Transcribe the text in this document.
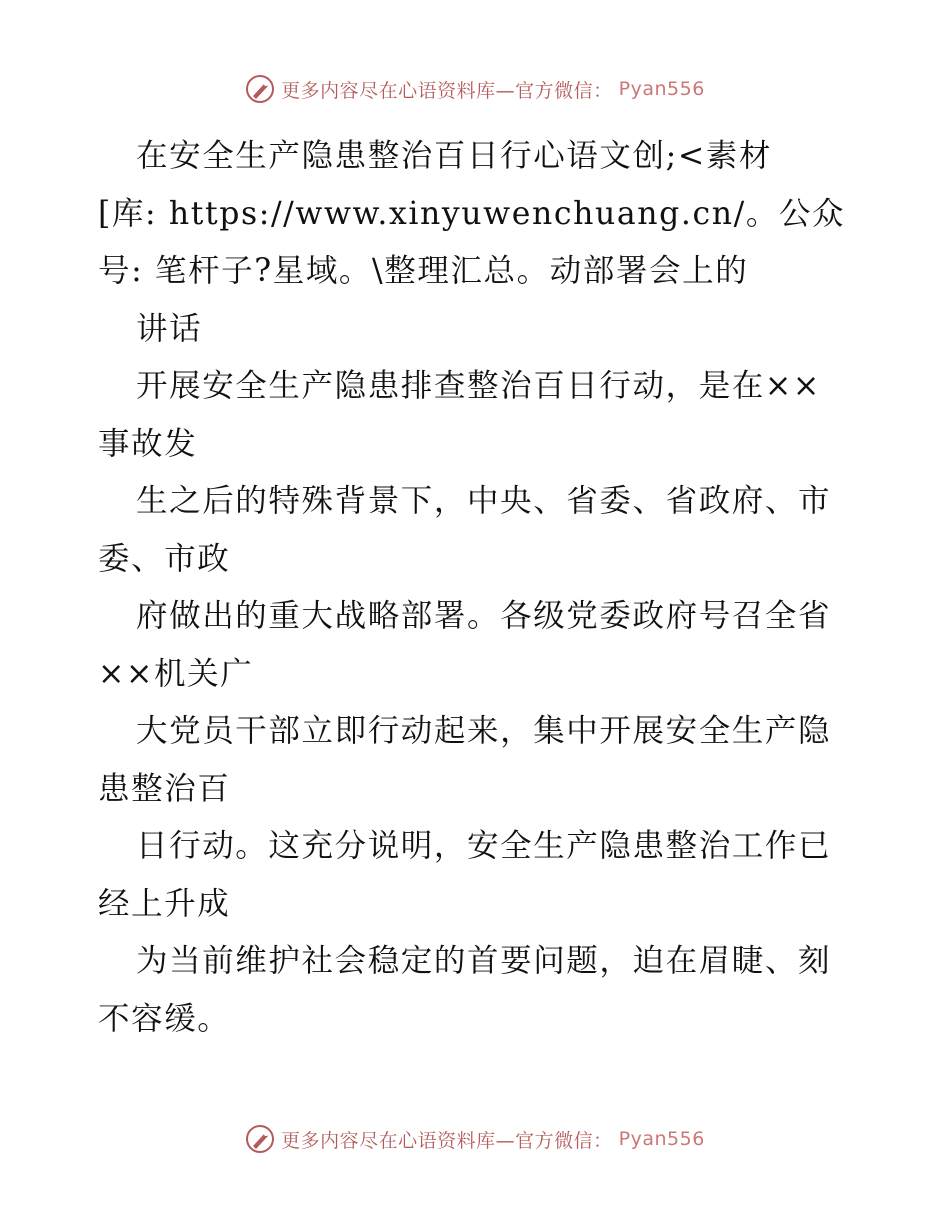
更多内容尽在心语资料库—官方微信： Pyan556

在安全生产隐患整治百日行心语文创;<素材

[库: https://www.xinyuwenchuang.cn/。公众

号: 笔杆子?星域。\整理汇总。动部署会上的

讲话

开展安全生产隐患排查整治百日行动，是在××

事故发

生之后的特殊背景下，中央、省委、省政府、市

委、市政

府做出的重大战略部署。各级党委政府号召全省

××机关广

大党员干部立即行动起来，集中开展安全生产隐

患整治百

日行动。这充分说明，安全生产隐患整治工作已

经上升成

为当前维护社会稳定的首要问题，迫在眉睫、刻

不容缓。

更多内容尽在心语资料库—官方微信： Pyan556
